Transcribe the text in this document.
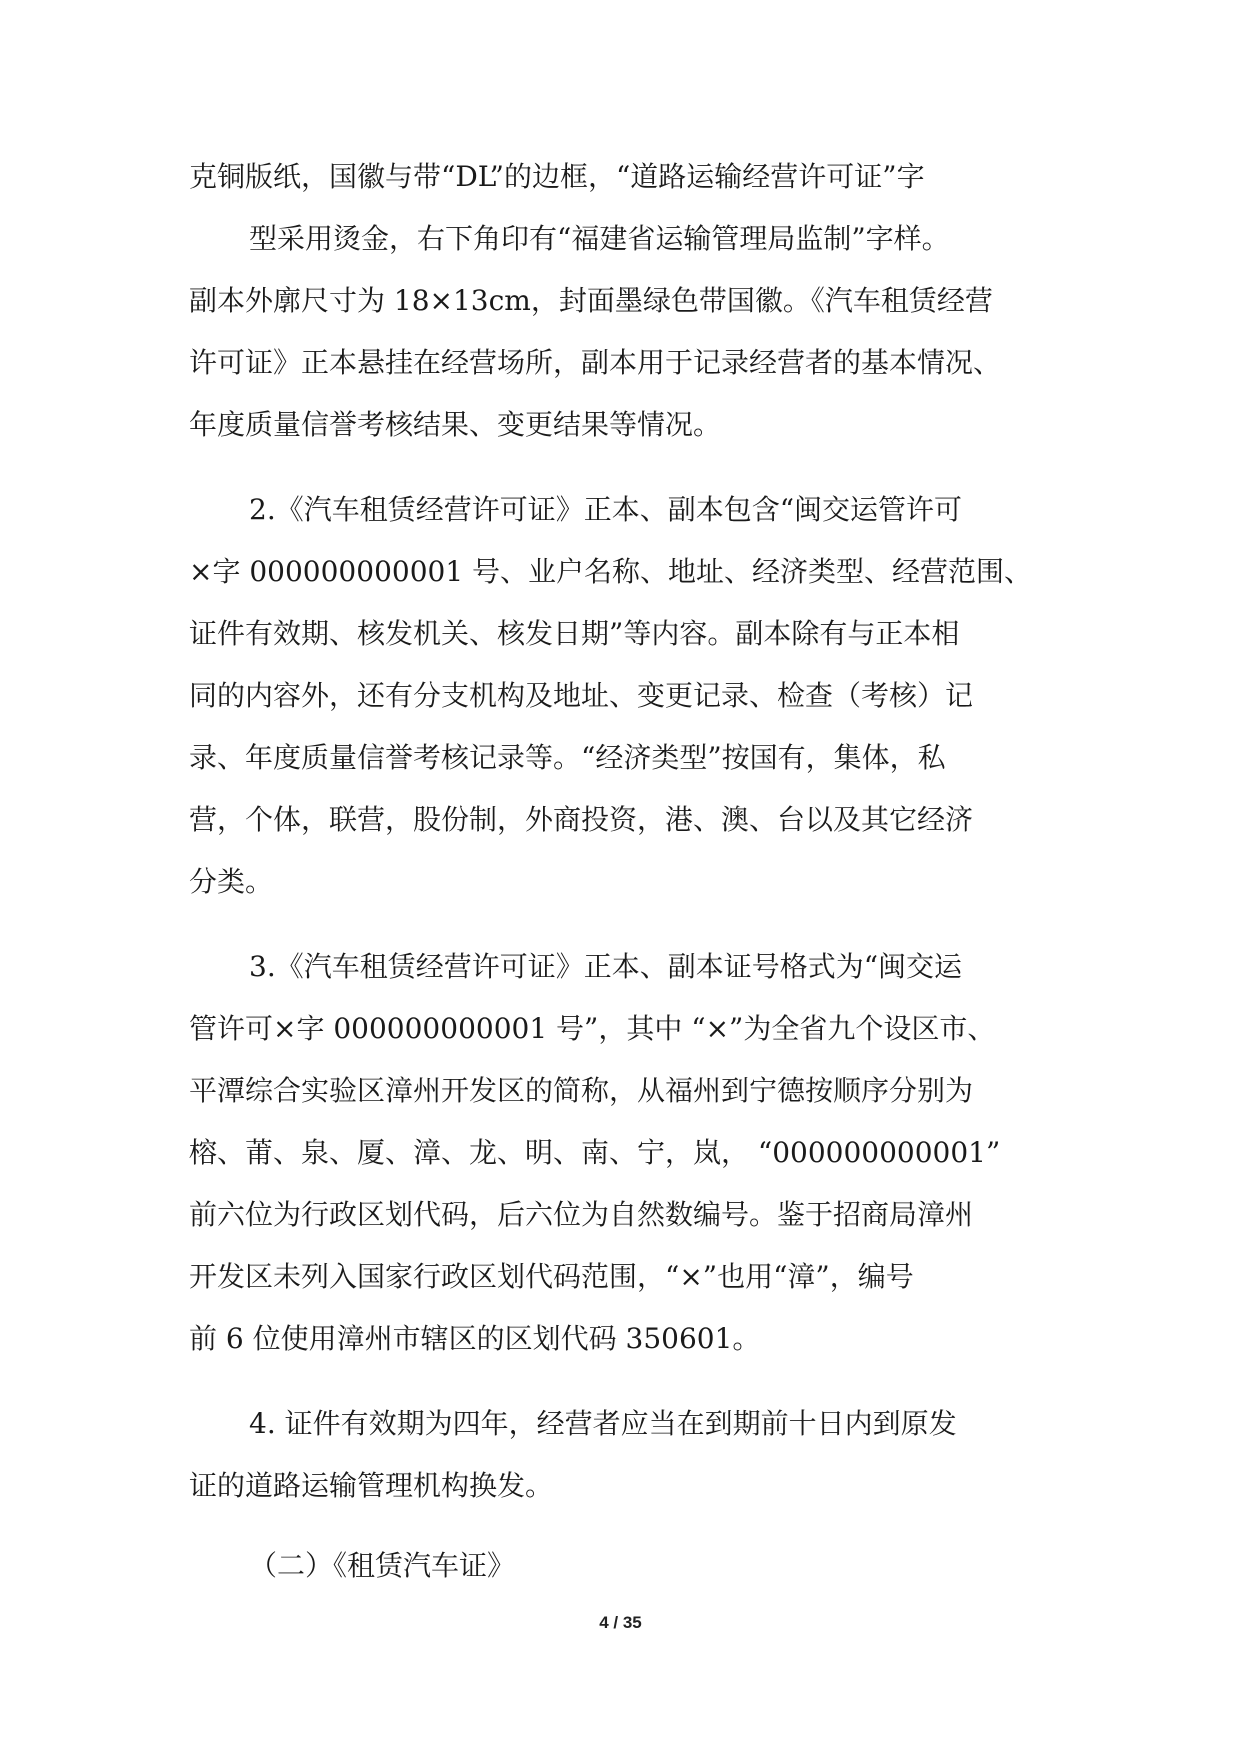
克铜版纸，国徽与带“DL”的边框，“道路运输经营许可证”字

型采用烫金，右下角印有“福建省运输管理局监制”字样。

副本外廓尺寸为 18×13cm，封面墨绿色带国徽。《汽车租赁经营

许可证》正本悬挂在经营场所，副本用于记录经营者的基本情况、

年度质量信誉考核结果、变更结果等情况。

2.《汽车租赁经营许可证》正本、副本包含“闽交运管许可

×字 000000000001 号、业户名称、地址、经济类型、经营范围、

证件有效期、核发机关、核发日期”等内容。副本除有与正本相

同的内容外，还有分支机构及地址、变更记录、检查（考核）记

录、年度质量信誉考核记录等。“经济类型”按国有，集体，私

营，个体，联营，股份制，外商投资，港、澳、台以及其它经济

分类。

3.《汽车租赁经营许可证》正本、副本证号格式为“闽交运

管许可×字 000000000001 号”，其中 “×”为全省九个设区市、

平潭综合实验区漳州开发区的简称，从福州到宁德按顺序分别为

榕、莆、泉、厦、漳、龙、明、南、宁，岚， “000000000001”

前六位为行政区划代码，后六位为自然数编号。鉴于招商局漳州

开发区未列入国家行政区划代码范围，“×”也用“漳”，编号

前 6 位使用漳州市辖区的区划代码 350601。

4. 证件有效期为四年，经营者应当在到期前十日内到原发

证的道路运输管理机构换发。

（二）《租赁汽车证》

4 / 35
